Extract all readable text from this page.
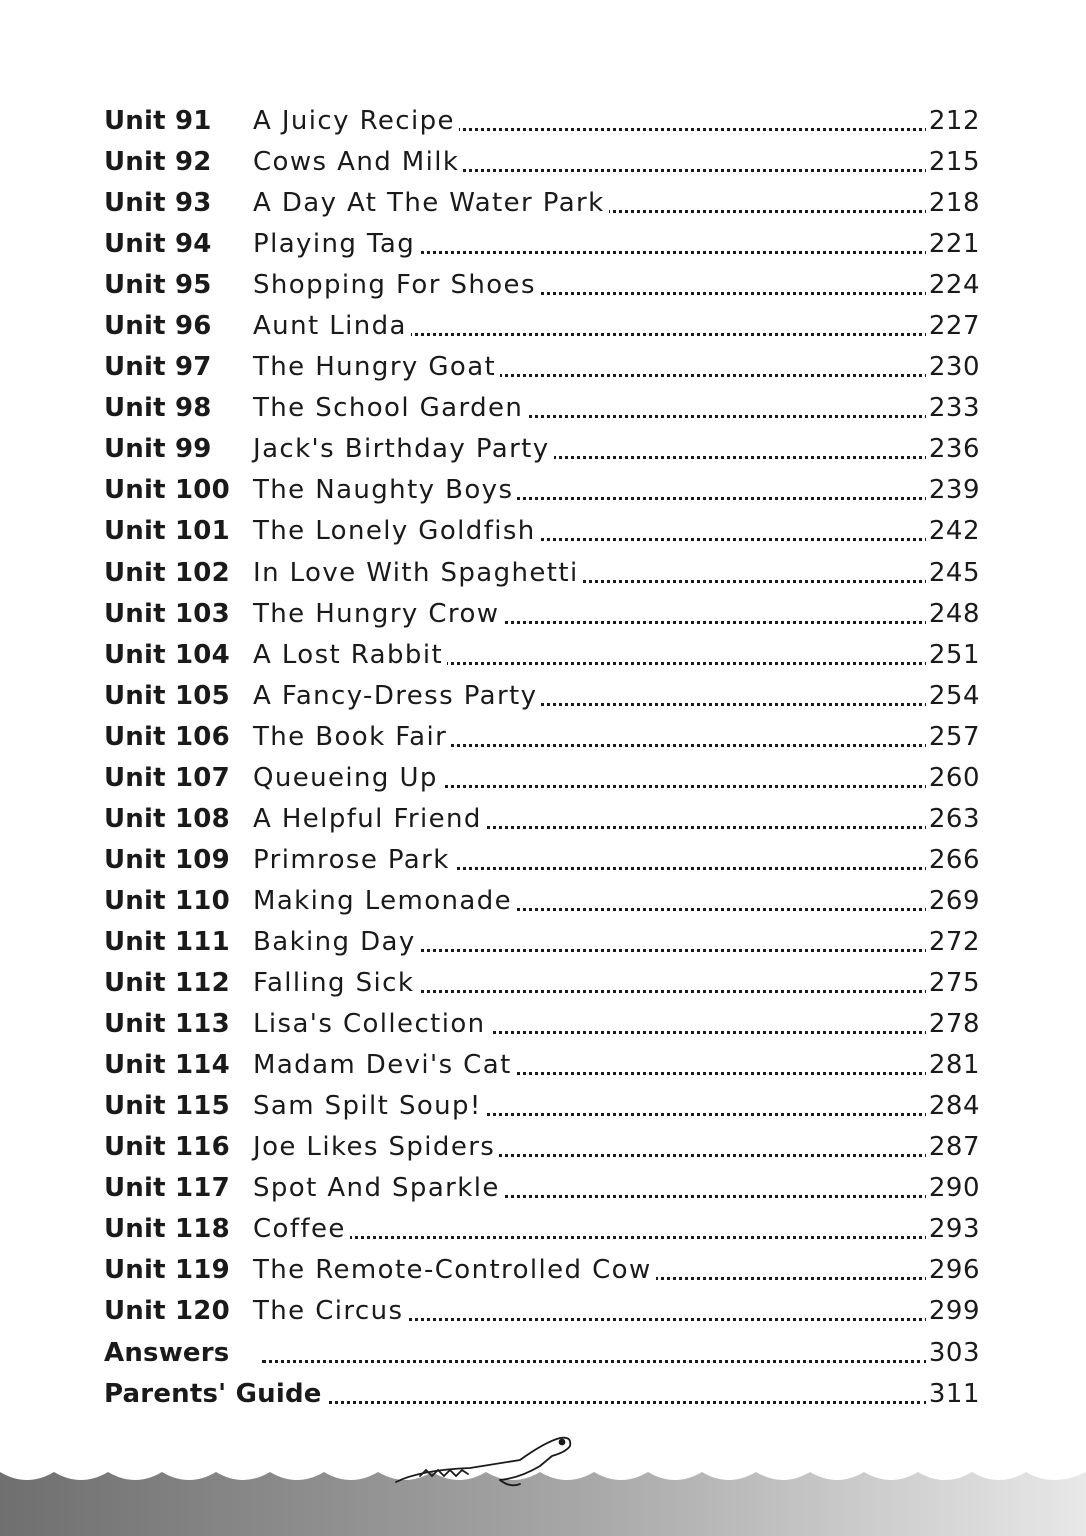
Unit 91 A Juicy Recipe	212
Unit 92 Cows And Milk	215
Unit 93 A Day At The Water Park	218
Unit 94 Playing Tag	221
Unit 95 Shopping For Shoes	224
Unit 96 Aunt Linda	227
Unit 97 The Hungry Goat	230
Unit 98 The School Garden	233
Unit 99 Jack's Birthday Party	236
Unit 100 The Naughty Boys	239
Unit 101 The Lonely Goldfish	242
Unit 102 In Love With Spaghetti	245
Unit 103 The Hungry Crow	248
Unit 104 A Lost Rabbit	251
Unit 105 A Fancy-Dress Party	254
Unit 106 The Book Fair	257
Unit 107 Queueing Up	260
Unit 108 A Helpful Friend	263
Unit 109 Primrose Park	266
Unit 110 Making Lemonade	269
Unit 111 Baking Day	272
Unit 112 Falling Sick	275
Unit 113 Lisa's Collection	278
Unit 114 Madam Devi's Cat	281
Unit 115 Sam Spilt Soup!	284
Unit 116 Joe Likes Spiders	287
Unit 117 Spot And Sparkle	290
Unit 118 Coffee	293
Unit 119 The Remote-Controlled Cow	296
Unit 120 The Circus	299
Answers	303
Parents' Guide	311
